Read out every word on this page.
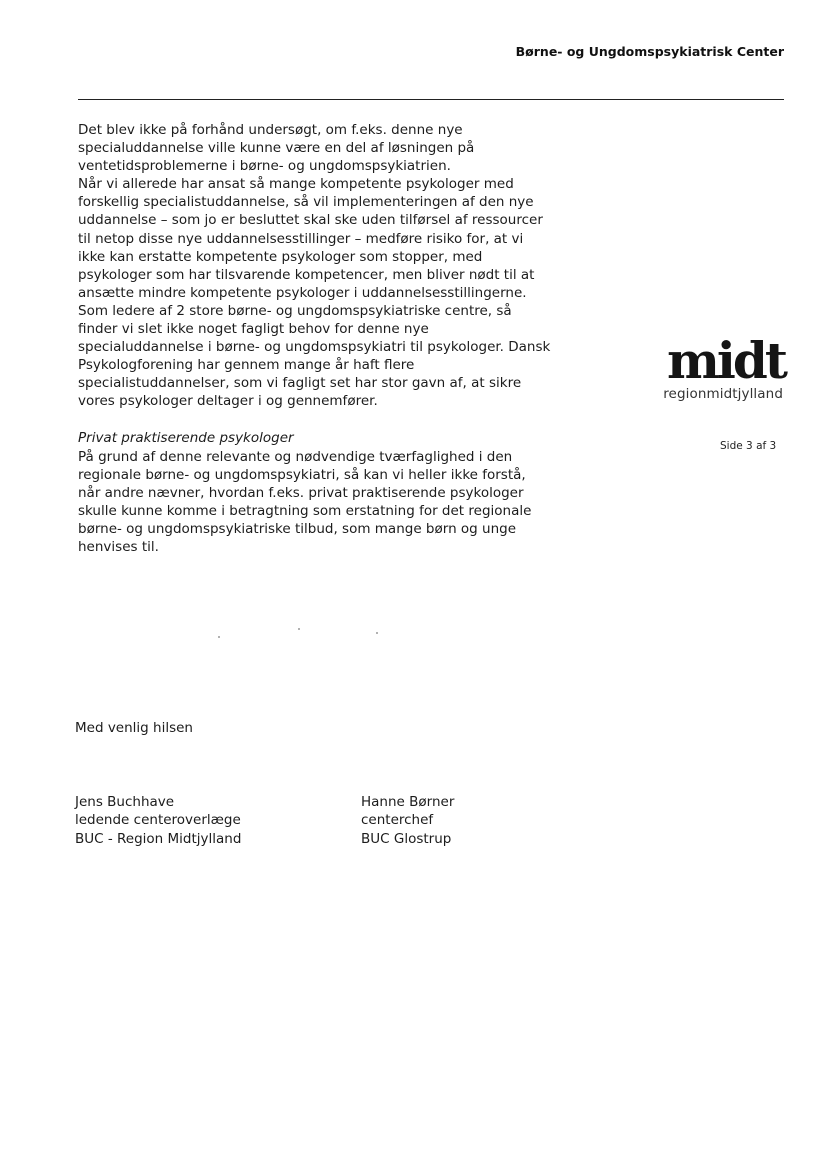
Børne- og Ungdomspsykiatrisk Center
Det blev ikke på forhånd undersøgt, om f.eks. denne nye
specialuddannelse ville kunne være en del af løsningen på
ventetidsproblemerne i børne- og ungdomspsykiatrien.
Når vi allerede har ansat så mange kompetente psykologer med
forskellig specialistuddannelse, så vil implementeringen af den nye
uddannelse – som jo er besluttet skal ske uden tilførsel af ressourcer
til netop disse nye uddannelsesstillinger – medføre risiko for, at vi
ikke kan erstatte kompetente psykologer som stopper, med
psykologer som har tilsvarende kompetencer, men bliver nødt til at
ansætte mindre kompetente psykologer i uddannelsesstillingerne.
Som ledere af 2 store børne- og ungdomspsykiatriske centre, så
finder vi slet ikke noget fagligt behov for denne nye
specialuddannelse i børne- og ungdomspsykiatri til psykologer. Dansk
Psykologforening har gennem mange år haft flere
specialistuddannelser, som vi fagligt set har stor gavn af, at sikre
vores psykologer deltager i og gennemfører.
Privat praktiserende psykologer
På grund af denne relevante og nødvendige tværfaglighed i den
regionale børne- og ungdomspsykiatri, så kan vi heller ikke forstå,
når andre nævner, hvordan f.eks. privat praktiserende psykologer
skulle kunne komme i betragtning som erstatning for det regionale
børne- og ungdomspsykiatriske tilbud, som mange børn og unge
henvises til.
midt
regionmidtjylland
Side 3 af 3
Med venlig hilsen
Jens Buchhave
ledende centeroverlæge
BUC - Region Midtjylland
Hanne Børner
centerchef
BUC Glostrup
